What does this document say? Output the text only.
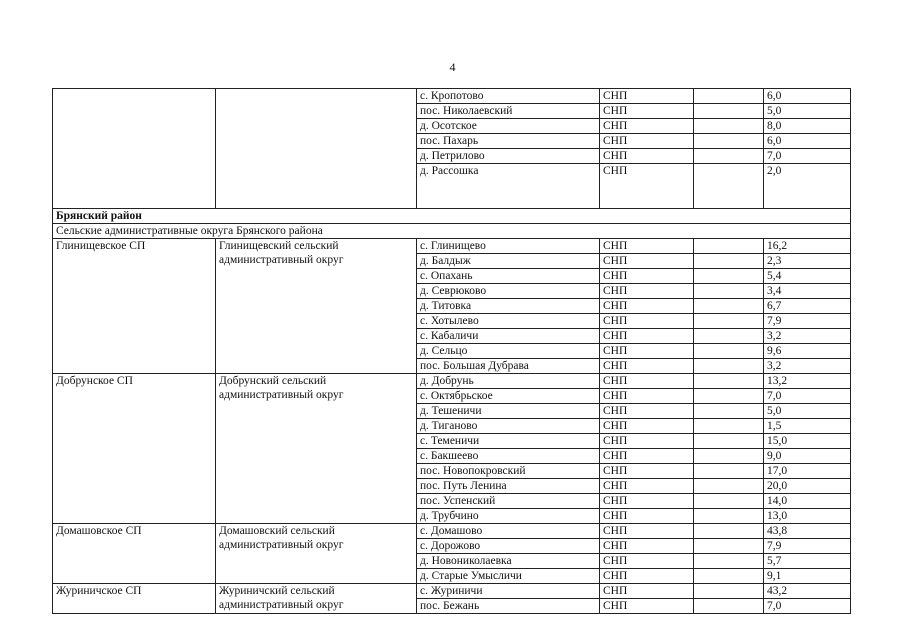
4
		с. Кропотово	СНП		6,0
		пос. Николаевский	СНП		5,0
		д. Осотское	СНП		8,0
		пос. Пахарь	СНП		6,0
		д. Петрилово	СНП		7,0
		д. Рассошка	СНП		2,0
Брянский район					
Сельские административные округа Брянского района					
Глинищевское СП	Глинищевский сельский административный округ	с. Глинищево	СНП		16,2
		д. Балдыж	СНП		2,3
		с. Опахань	СНП		5,4
		д. Севрюково	СНП		3,4
		д. Титовка	СНП		6,7
		с. Хотылево	СНП		7,9
		с. Кабаличи	СНП		3,2
		д. Сельцо	СНП		9,6
		пос. Большая Дубрава	СНП		3,2
Добрунское СП	Добрунский сельский административный округ	д. Добрунь	СНП		13,2
		с. Октябрьское	СНП		7,0
		д. Тешеничи	СНП		5,0
		д. Тиганово	СНП		1,5
		с. Теменичи	СНП		15,0
		с. Бакшеево	СНП		9,0
		пос. Новопокровский	СНП		17,0
		пос. Путь Ленина	СНП		20,0
		пос. Успенский	СНП		14,0
		д. Трубчино	СНП		13,0
Домашовское СП	Домашовский сельский административный округ	с. Домашово	СНП		43,8
		с. Дорожово	СНП		7,9
		д. Новониколаевка	СНП		5,7
		д. Старые Умысличи	СНП		9,1
Журиничское СП	Журиничский сельский административный округ	с. Журиничи	СНП		43,2
		пос. Бежань	СНП		7,0
